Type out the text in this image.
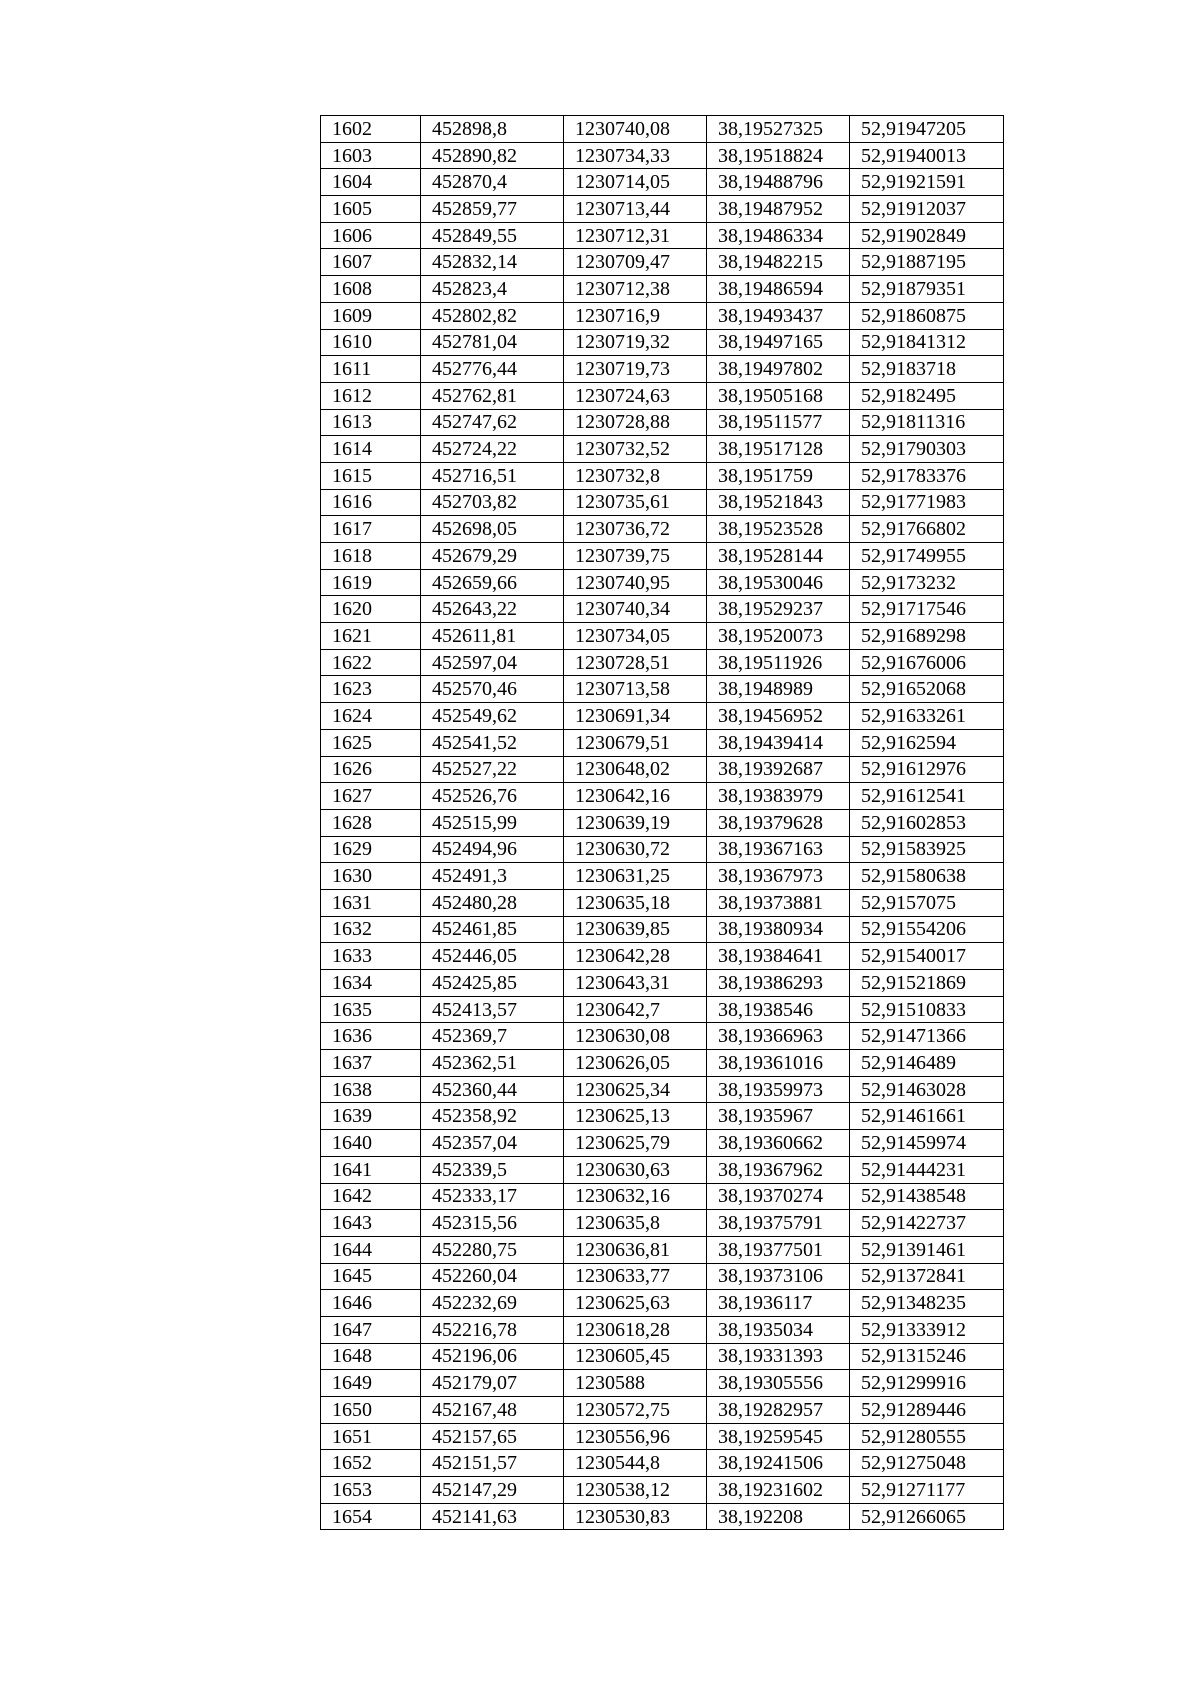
1602	452898,8	1230740,08	38,19527325	52,91947205
1603	452890,82	1230734,33	38,19518824	52,91940013
1604	452870,4	1230714,05	38,19488796	52,91921591
1605	452859,77	1230713,44	38,19487952	52,91912037
1606	452849,55	1230712,31	38,19486334	52,91902849
1607	452832,14	1230709,47	38,19482215	52,91887195
1608	452823,4	1230712,38	38,19486594	52,91879351
1609	452802,82	1230716,9	38,19493437	52,91860875
1610	452781,04	1230719,32	38,19497165	52,91841312
1611	452776,44	1230719,73	38,19497802	52,9183718
1612	452762,81	1230724,63	38,19505168	52,9182495
1613	452747,62	1230728,88	38,19511577	52,91811316
1614	452724,22	1230732,52	38,19517128	52,91790303
1615	452716,51	1230732,8	38,1951759	52,91783376
1616	452703,82	1230735,61	38,19521843	52,91771983
1617	452698,05	1230736,72	38,19523528	52,91766802
1618	452679,29	1230739,75	38,19528144	52,91749955
1619	452659,66	1230740,95	38,19530046	52,9173232
1620	452643,22	1230740,34	38,19529237	52,91717546
1621	452611,81	1230734,05	38,19520073	52,91689298
1622	452597,04	1230728,51	38,19511926	52,91676006
1623	452570,46	1230713,58	38,1948989	52,91652068
1624	452549,62	1230691,34	38,19456952	52,91633261
1625	452541,52	1230679,51	38,19439414	52,9162594
1626	452527,22	1230648,02	38,19392687	52,91612976
1627	452526,76	1230642,16	38,19383979	52,91612541
1628	452515,99	1230639,19	38,19379628	52,91602853
1629	452494,96	1230630,72	38,19367163	52,91583925
1630	452491,3	1230631,25	38,19367973	52,91580638
1631	452480,28	1230635,18	38,19373881	52,9157075
1632	452461,85	1230639,85	38,19380934	52,91554206
1633	452446,05	1230642,28	38,19384641	52,91540017
1634	452425,85	1230643,31	38,19386293	52,91521869
1635	452413,57	1230642,7	38,1938546	52,91510833
1636	452369,7	1230630,08	38,19366963	52,91471366
1637	452362,51	1230626,05	38,19361016	52,9146489
1638	452360,44	1230625,34	38,19359973	52,91463028
1639	452358,92	1230625,13	38,1935967	52,91461661
1640	452357,04	1230625,79	38,19360662	52,91459974
1641	452339,5	1230630,63	38,19367962	52,91444231
1642	452333,17	1230632,16	38,19370274	52,91438548
1643	452315,56	1230635,8	38,19375791	52,91422737
1644	452280,75	1230636,81	38,19377501	52,91391461
1645	452260,04	1230633,77	38,19373106	52,91372841
1646	452232,69	1230625,63	38,1936117	52,91348235
1647	452216,78	1230618,28	38,1935034	52,91333912
1648	452196,06	1230605,45	38,19331393	52,91315246
1649	452179,07	1230588	38,19305556	52,91299916
1650	452167,48	1230572,75	38,19282957	52,91289446
1651	452157,65	1230556,96	38,19259545	52,91280555
1652	452151,57	1230544,8	38,19241506	52,91275048
1653	452147,29	1230538,12	38,19231602	52,91271177
1654	452141,63	1230530,83	38,192208	52,91266065
